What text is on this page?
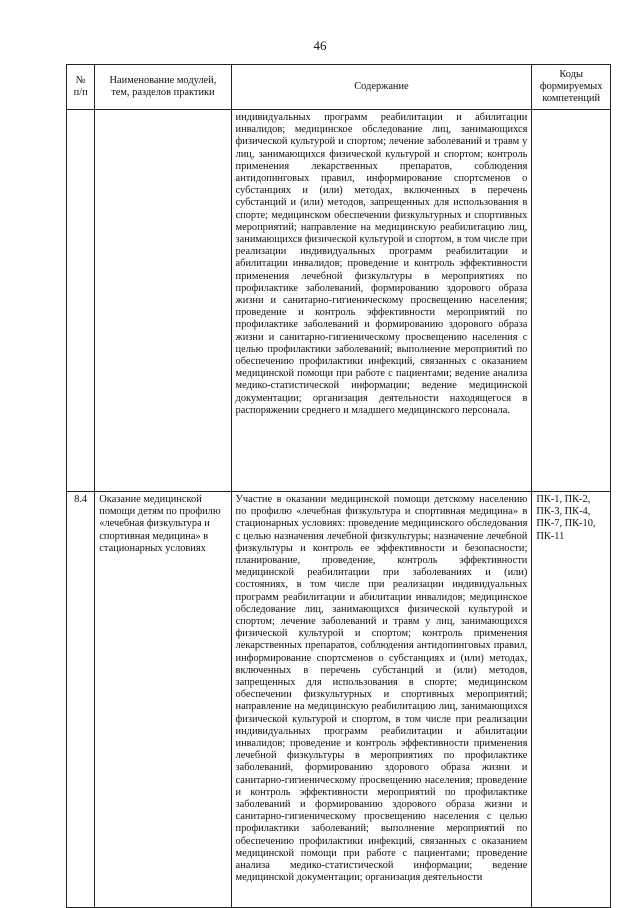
46
№ п/п	Наименование модулей, тем, разделов практики	Содержание	Коды формируемых компетенций
		индивидуальных программ реабилитации и абилитации инвалидов; медицинское обследование лиц, занимающихся физической культурой и спортом; лечение заболеваний и травм у лиц, занимающихся физической культурой и спортом; контроль применения лекарственных препаратов, соблюдения антидопинговых правил, информирование спортсменов о субстанциях и (или) методах, включенных в перечень субстанций и (или) методов, запрещенных для использования в спорте; медицинском обеспечении физкультурных и спортивных мероприятий; направление на медицинскую реабилитацию лиц, занимающихся физической культурой и спортом, в том числе при реализации индивидуальных программ реабилитации и абилитации инвалидов; проведение и контроль эффективности применения лечебной физкультуры в мероприятиях по профилактике заболеваний, формированию здорового образа жизни и санитарно-гигиеническому просвещению населения; проведение и контроль эффективности мероприятий по профилактике заболеваний и формированию здорового образа жизни и санитарно-гигиеническому просвещению населения с целью профилактики заболеваний; выполнение мероприятий по обеспечению профилактики инфекций, связанных с оказанием медицинской помощи при работе с пациентами; ведение анализа медико-статистической информации; ведение медицинской документации; организация деятельности находящегося в распоряжении среднего и младшего медицинского персонала.	
8.4	Оказание медицинской помощи детям по профилю «лечебная физкультура и спортивная медицина» в стационарных условиях	Участие в оказании медицинской помощи детскому населению по профилю «лечебная физкультура и спортивная медицина» в стационарных условиях: проведение медицинского обследования с целью назначения лечебной физкультуры; назначение лечебной физкультуры и контроль ее эффективности и безопасности; планирование, проведение, контроль эффективности медицинской реабилитации при заболеваниях и (или) состояниях, в том числе при реализации индивидуальных программ реабилитации и абилитации инвалидов; медицинское обследование лиц, занимающихся физической культурой и спортом; лечение заболеваний и травм у лиц, занимающихся физической культурой и спортом; контроль применения лекарственных препаратов, соблюдения антидопинговых правил, информирование спортсменов о субстанциях и (или) методах, включенных в перечень субстанций и (или) методов, запрещенных для использования в спорте; медицинском обеспечении физкультурных и спортивных мероприятий; направление на медицинскую реабилитацию лиц, занимающихся физической культурой и спортом, в том числе при реализации индивидуальных программ реабилитации и абилитации инвалидов; проведение и контроль эффективности применения лечебной физкультуры в мероприятиях по профилактике заболеваний, формированию здорового образа жизни и санитарно-гигиеническому просвещению населения; проведение и контроль эффективности мероприятий по профилактике заболеваний и формированию здорового образа жизни и санитарно-гигиеническому просвещению населения с целью профилактики заболеваний; выполнение мероприятий по обеспечению профилактики инфекций, связанных с оказанием медицинской помощи при работе с пациентами; проведение анализа медико-статистической информации; ведение медицинской документации; организация деятельности	ПК-1, ПК-2, ПК-3, ПК-4, ПК-7, ПК-10, ПК-11
